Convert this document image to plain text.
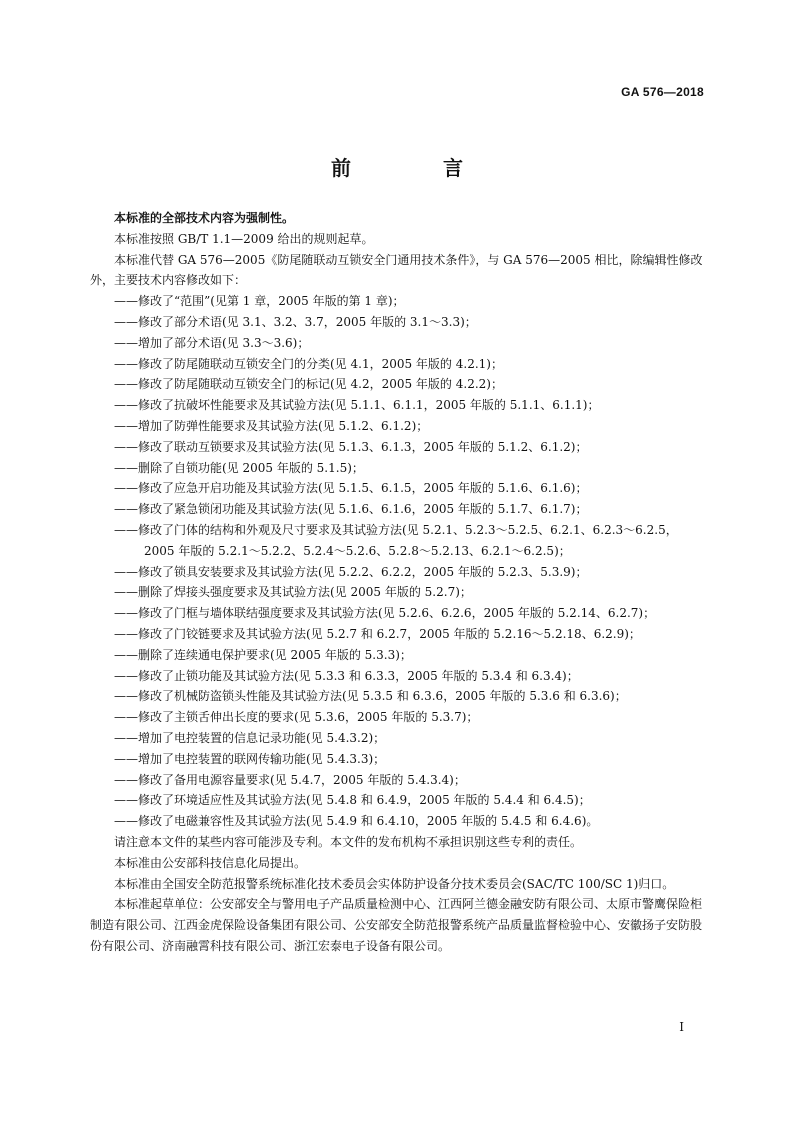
GA 576—2018
前　言

本标准的全部技术内容为强制性。

本标准按照 GB/T 1.1—2009 给出的规则起草。

本标准代替 GA 576—2005《防尾随联动互锁安全门通用技术条件》，与 GA 576—2005 相比，除编辑性修改外，主要技术内容修改如下：

——修改了“范围”(见第 1 章，2005 年版的第 1 章)；

——修改了部分术语(见 3.1、3.2、3.7，2005 年版的 3.1～3.3)；

——增加了部分术语(见 3.3～3.6)；

——修改了防尾随联动互锁安全门的分类(见 4.1，2005 年版的 4.2.1)；

——修改了防尾随联动互锁安全门的标记(见 4.2，2005 年版的 4.2.2)；

——修改了抗破坏性能要求及其试验方法(见 5.1.1、6.1.1，2005 年版的 5.1.1、6.1.1)；

——增加了防弹性能要求及其试验方法(见 5.1.2、6.1.2)；

——修改了联动互锁要求及其试验方法(见 5.1.3、6.1.3，2005 年版的 5.1.2、6.1.2)；

——删除了自锁功能(见 2005 年版的 5.1.5)；

——修改了应急开启功能及其试验方法(见 5.1.5、6.1.5，2005 年版的 5.1.6、6.1.6)；

——修改了紧急锁闭功能及其试验方法(见 5.1.6、6.1.6，2005 年版的 5.1.7、6.1.7)；

——修改了门体的结构和外观及尺寸要求及其试验方法(见 5.2.1、5.2.3～5.2.5、6.2.1、6.2.3～6.2.5，2005 年版的 5.2.1～5.2.2、5.2.4～5.2.6、5.2.8～5.2.13、6.2.1～6.2.5)；

——修改了锁具安装要求及其试验方法(见 5.2.2、6.2.2，2005 年版的 5.2.3、5.3.9)；

——删除了焊接头强度要求及其试验方法(见 2005 年版的 5.2.7)；

——修改了门框与墙体联结强度要求及其试验方法(见 5.2.6、6.2.6，2005 年版的 5.2.14、6.2.7)；

——修改了门铰链要求及其试验方法(见 5.2.7 和 6.2.7，2005 年版的 5.2.16～5.2.18、6.2.9)；

——删除了连续通电保护要求(见 2005 年版的 5.3.3)；

——修改了止锁功能及其试验方法(见 5.3.3 和 6.3.3，2005 年版的 5.3.4 和 6.3.4)；

——修改了机械防盗锁头性能及其试验方法(见 5.3.5 和 6.3.6，2005 年版的 5.3.6 和 6.3.6)；

——修改了主锁舌伸出长度的要求(见 5.3.6，2005 年版的 5.3.7)；

——增加了电控装置的信息记录功能(见 5.4.3.2)；

——增加了电控装置的联网传输功能(见 5.4.3.3)；

——修改了备用电源容量要求(见 5.4.7，2005 年版的 5.4.3.4)；

——修改了环境适应性及其试验方法(见 5.4.8 和 6.4.9，2005 年版的 5.4.4 和 6.4.5)；

——修改了电磁兼容性及其试验方法(见 5.4.9 和 6.4.10，2005 年版的 5.4.5 和 6.4.6)。

请注意本文件的某些内容可能涉及专利。本文件的发布机构不承担识别这些专利的责任。

本标准由公安部科技信息化局提出。

本标准由全国安全防范报警系统标准化技术委员会实体防护设备分技术委员会(SAC/TC 100/SC 1)归口。

本标准起草单位：公安部安全与警用电子产品质量检测中心、江西阿兰德金融安防有限公司、太原市警鹰保险柜制造有限公司、江西金虎保险设备集团有限公司、公安部安全防范报警系统产品质量监督检验中心、安徽扬子安防股份有限公司、济南融霄科技有限公司、浙江宏泰电子设备有限公司。

I
